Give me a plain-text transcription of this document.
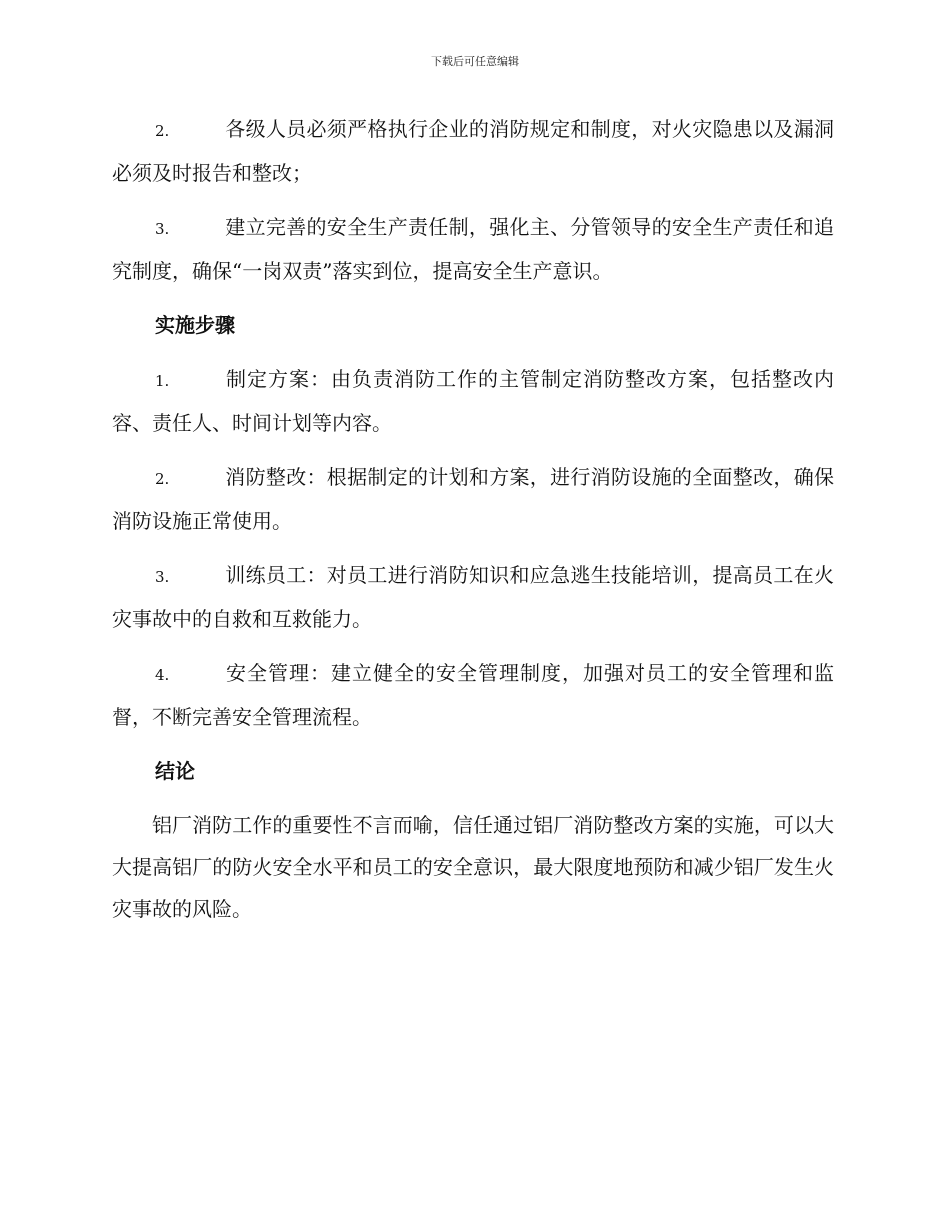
下载后可任意编辑

2.	各级人员必须严格执行企业的消防规定和制度，对火灾隐患以及漏洞必须及时报告和整改；

3.	建立完善的安全生产责任制，强化主、分管领导的安全生产责任和追究制度，确保“一岗双责”落实到位，提高安全生产意识。

实施步骤

1.	制定方案：由负责消防工作的主管制定消防整改方案，包括整改内容、责任人、时间计划等内容。

2.	消防整改：根据制定的计划和方案，进行消防设施的全面整改，确保消防设施正常使用。

3.	训练员工：对员工进行消防知识和应急逃生技能培训，提高员工在火灾事故中的自救和互救能力。

4.	安全管理：建立健全的安全管理制度，加强对员工的安全管理和监督，不断完善安全管理流程。

结论

铝厂消防工作的重要性不言而喻，信任通过铝厂消防整改方案的实施，可以大大提高铝厂的防火安全水平和员工的安全意识，最大限度地预防和减少铝厂发生火灾事故的风险。
